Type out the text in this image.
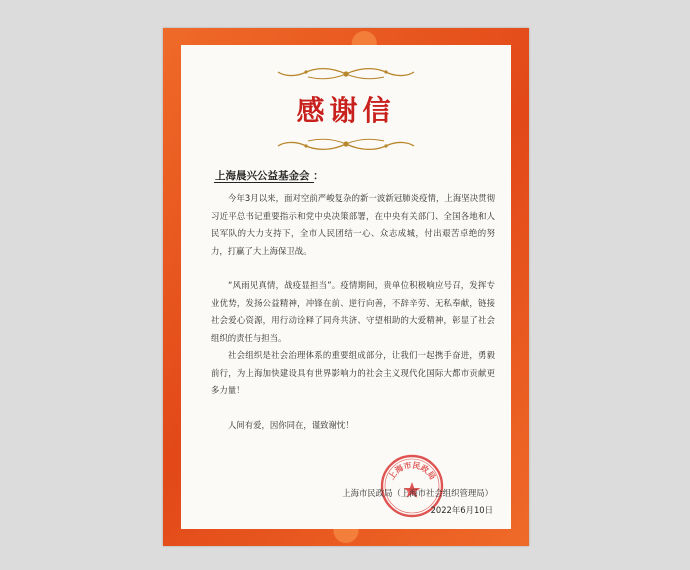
感谢信
上海晨兴公益基金会 ：

今年3月以来，面对空前严峻复杂的新一波新冠肺炎疫情，上海坚决贯彻习近平总书记重要指示和党中央决策部署，在中央有关部门、全国各地和人民军队的大力支持下，全市人民团结一心、众志成城，付出艰苦卓绝的努力，打赢了大上海保卫战。

“风雨见真情，战疫显担当”。疫情期间，贵单位积极响应号召，发挥专业优势，发扬公益精神，冲锋在前、逆行向善，不辞辛劳、无私奉献，链接社会爱心资源，用行动诠释了同舟共济、守望相助的大爱精神，彰显了社会组织的责任与担当。

社会组织是社会治理体系的重要组成部分，让我们一起携手奋进，勇毅前行，为上海加快建设具有世界影响力的社会主义现代化国际大都市贡献更多力量！

人间有爱，因你同在，谨致谢忱！

上海市民政局
上海市民政局（上海市社会组织管理局）
2022年6月10日
